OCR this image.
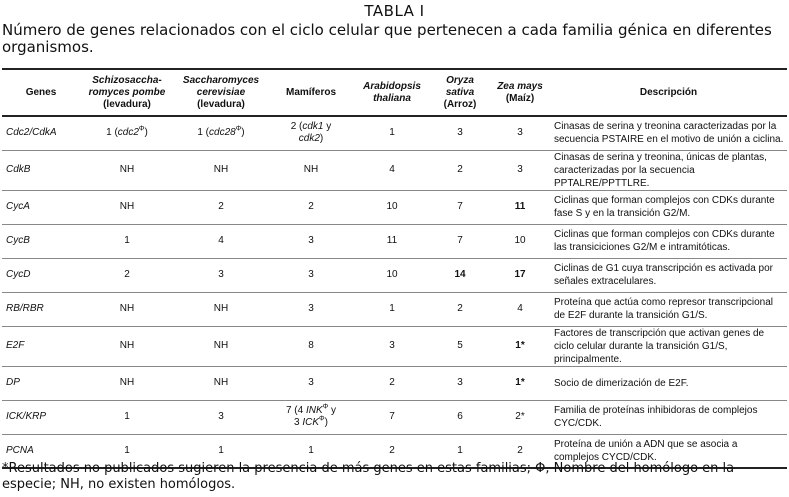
TABLA I
Número de genes relacionados con el ciclo celular que pertenecen a cada familia génica en diferentes organismos.
Genes	Schizosaccha-
romyces pombe
(levadura)	Saccharomyces
cerevisiae
(levadura)	Mamíferos	Arabidopsis
thaliana	Oryza
sativa
(Arroz)	Zea mays
(Maíz)	Descripción
Cdc2/CdkA	1 $(cdc2^\Phi)$	1 $(cdc28^\Phi)$	2 (cdk1 y
cdk2)	1	3	3	Cinasas de serina y treonina caracterizadas por la secuencia PSTAIRE en el motivo de unión a ciclina.
CdkB	NH	NH	NH	4	2	3	Cinasas de serina y treonina, únicas de plantas, caracterizadas por la secuencia PPTALRE/PPTTLRE.
CycA	NH	2	2	10	7	11	Ciclinas que forman complejos con CDKs durante fase S y en la transición G2/M.
CycB	1	4	3	11	7	10	Ciclinas que forman complejos con CDKs durante las transiciciones G2/M e intramitóticas.
CycD	2	3	3	10	14	17	Ciclinas de G1 cuya transcripción es activada por señales extracelulares.
RB/RBR	NH	NH	3	1	2	4	Proteína que actúa como represor transcripcional de E2F durante la transición G1/S.
E2F	NH	NH	8	3	5	1*	Factores de transcripción que activan genes de ciclo celular durante la transición G1/S, principalmente.
DP	NH	NH	3	2	3	1*	Socio de dimerización de E2F.
ICK/KRP	1	3	7 (4 $INK^\Phi$ y
3 $ICK^\Phi$)	7	6	2*	Familia de proteínas inhibidoras de complejos CYC/CDK.
PCNA	1	1	1	2	1	2	Proteína de unión a ADN que se asocia a complejos CYCD/CDK.
*Resultados no publicados sugieren la presencia de más genes en estas familias; Φ, Nombre del homólogo en la especie; NH, no existen homólogos.
